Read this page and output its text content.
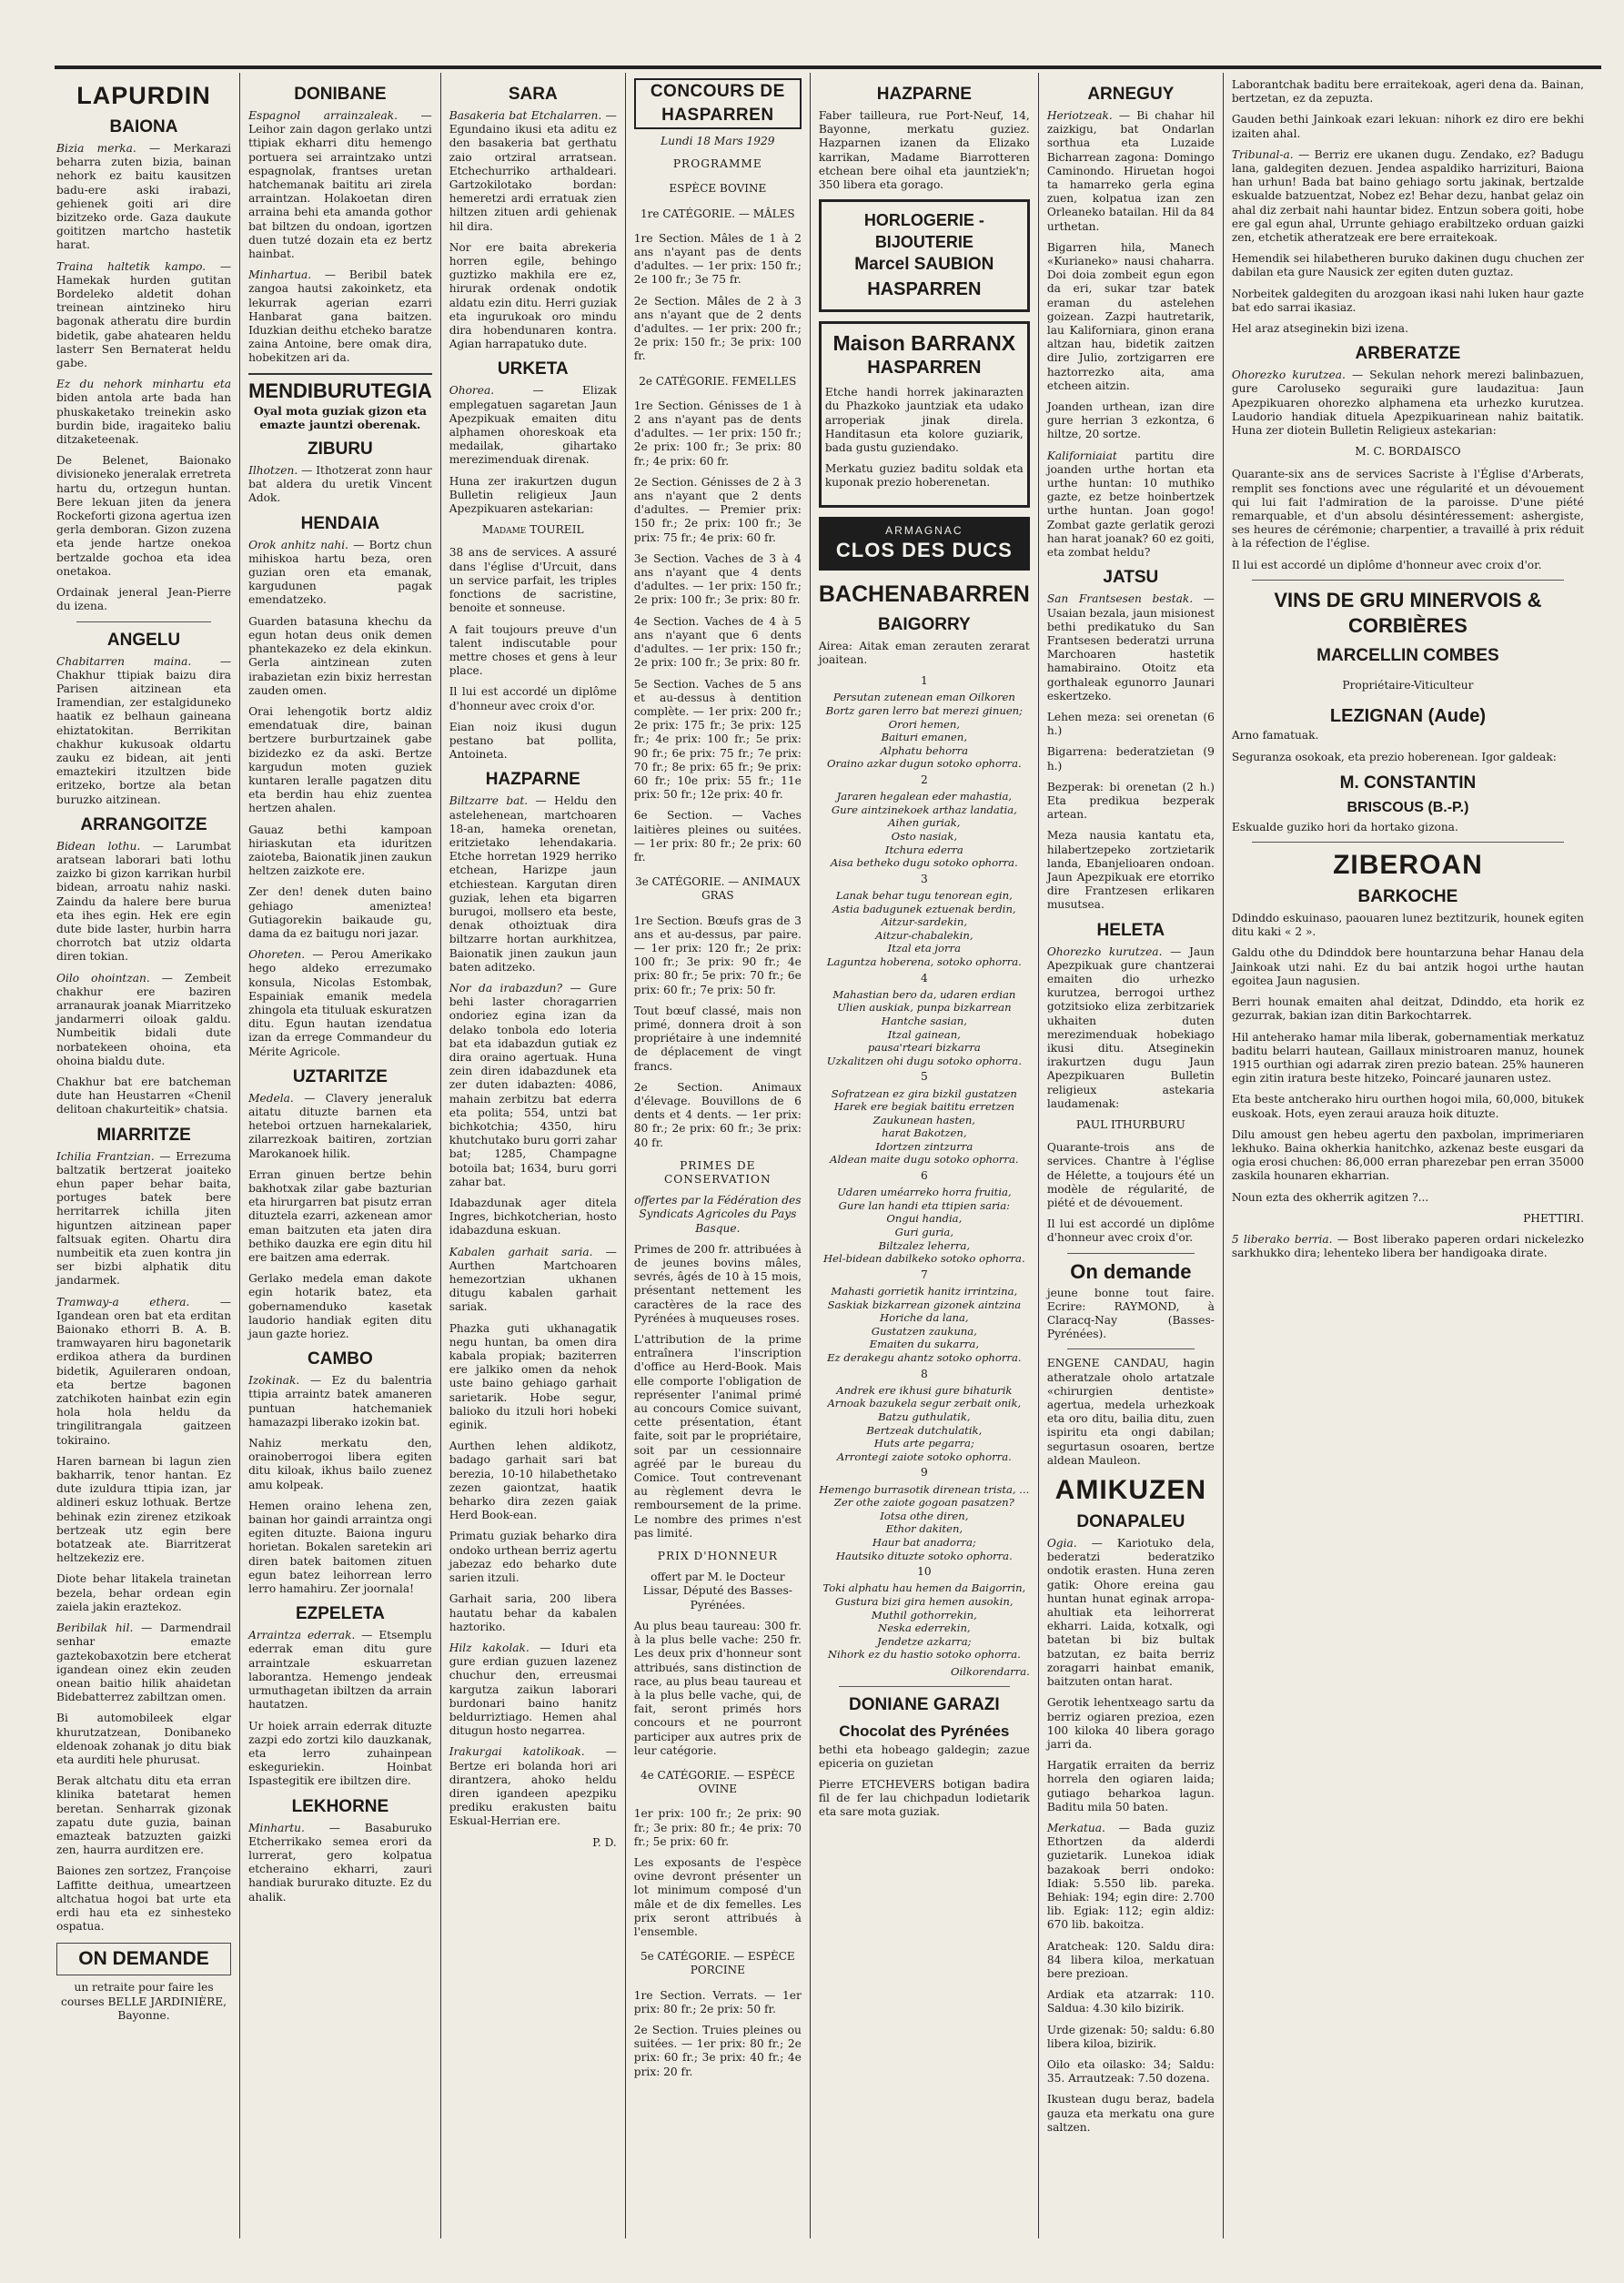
LAPURDIN
BAIONA

Bizia merka. — Merkarazi beharra zuten bizia, bainan nehork ez baitu kausitzen badu-ere aski irabazi, gehienek goiti ari dire bizitzeko orde. Gaza daukute goititzen martcho hastetik harat.

Traina haltetik kampo. — Hamekak hurden gutitan Bordeleko aldetit dohan treinean aintzineko hiru bagonak atheratu dire burdin bidetik, gabe ahatearen heldu lasterr Sen Bernaterat heldu gabe.

Ez du nehork minhartu eta biden antola arte bada han phuskaketako treinekin asko burdin bide, iragaiteko baliu ditzaketeenak.

De Belenet, Baionako divisioneko jeneralak erretreta hartu du, ortzegun huntan. Bere lekuan jiten da jenera Rockeforti gizona agertua izen gerla demboran. Gizon zuzena eta jende hartze onekoa bertzalde gochoa eta idea onetakoa.

Ordainak jeneral Jean-Pierre du izena.

ANGELU

Chabitarren maina. — Chakhur ttipiak baizu dira Parisen aitzinean eta Iramendian, zer estalgiduneko haatik ez belhaun gaineana ehiztatokitan. Berrikitan chakhur kukusoak oldartu zauku ez bidean, ait jenti emaztekiri itzultzen bide eritzeko, bortze ala betan buruzko aitzinean.

ARRANGOITZE

Bidean lothu. — Larumbat aratsean laborari bati lothu zaizko bi gizon karrikan hurbil bidean, arroatu nahiz naski. Zaindu da halere bere burua eta ihes egin. Hek ere egin dute bide laster, hurbin harra chorrotch bat utziz oldarta diren tokian.

Oilo ohointzan. — Zembeit chakhur ere baziren arranaurak joanak Miarritzeko jandarmerri oiloak galdu. Numbeitik bidali dute norbatekeen ohoina, eta ohoina bialdu dute.

Chakhur bat ere batcheman dute han Heustarren «Chenil delitoan chakurteitik» chatsia.

MIARRITZE

Ichilia Frantzian. — Errezuma baltzatik bertzerat joaiteko ehun paper behar baita, portuges batek bere herritarrek ichilla jiten higuntzen aitzinean paper faltsuak egiten. Ohartu dira numbeitik eta zuen kontra jin ser bizbi alphatik ditu jandarmek.

Tramway-a ethera. — Igandean oren bat eta erditan Baionako ethorri B. A. B. tramwayaren hiru bagonetarik erdikoa athera da burdinen bidetik, Aguileraren ondoan, eta bertze bagonen zatchikoten hainbat ezin egin hola hola heldu da tringilitrangala gaitzeen tokiraino.

Haren barnean bi lagun zien bakharrik, tenor hantan. Ez dute izuldura ttipia izan, jar aldineri eskuz lothuak. Bertze behinak ezin zirenez etzikoak bertzeak utz egin bere botatzeak ate. Biarritzerat heltzekeziz ere.

Diote behar litakela trainetan bezela, behar ordean egin zaiela jakin eraztekoz.

Beribilak hil. — Darmendrail senhar emazte gaztekobaxotzin bere etcherat igandean oinez ekin zeuden onean baitio hilik ahaidetan Bidebatterrez zabiltzan omen.

Bi automobileek elgar khurutzatzean, Donibaneko eldenoak zohanak jo ditu biak eta aurditi hele phurusat.

Berak altchatu ditu eta erran klinika batetarat hemen beretan. Senharrak gizonak zapatu dute guzia, bainan emazteak batzuzten gaizki zen, haurra aurditzen ere.

Baiones zen sortzez, Françoise Laffitte deithua, umeartzeen altchatua hogoi bat urte eta erdi hau eta ez sinhesteko ospatua.

ON DEMANDE

un retraite pour faire les courses BELLE JARDINIÈRE, Bayonne.

DONIBANE

Espagnol arrainzaleak. — Leihor zain dagon gerlako untzi ttipiak ekharri ditu hemengo portuera sei arraintzako untzi espagnolak, frantses uretan hatchemanak baititu ari zirela arraintzan. Holakoetan diren arraina behi eta amanda gothor bat biltzen du ondoan, igortzen duen tutzé dozain eta ez bertz hainbat.

Minhartua. — Beribil batek zangoa hautsi zakoinketz, eta lekurrak agerian ezarri Hanbarat gana baitzen. Iduzkian deithu etcheko baratze zaina Antoine, bere omak dira, hobekitzen ari da.

MENDIBURUTEGIA

Oyal mota guziak gizon eta emazte jauntzi oberenak.

ZIBURU

Ilhotzen. — Ithotzerat zonn haur bat aldera du uretik Vincent Adok.

HENDAIA

Orok anhitz nahi. — Bortz chun mihiskoa hartu beza, oren guzian oren eta emanak, kargudunen pagak emendatzeko.

Guarden batasuna khechu da egun hotan deus onik demen phantekazeko ez dela ekinkun. Gerla aintzinean zuten irabazietan ezin bixiz herrestan zauden omen.

Orai lehengotik bortz aldiz emendatuak dire, bainan bertzere burburtzainek gabe bizidezko ez da aski. Bertze kargudun moten guziek kuntaren leralle pagatzen ditu eta berdin hau ehiz zuentea hertzen ahalen.

Gauaz bethi kampoan hiriaskutan eta iduritzen zaioteba, Baionatik jinen zaukun heltzen zaizkote ere.

Zer den! denek duten baino gehiago ameniztea! Gutiagorekin baikaude gu, dama da ez baitugu nori jazar.

Ohoreten. — Perou Amerikako hego aldeko errezumako konsula, Nicolas Estombak, Espainiak emanik medela zhingola eta tituluak eskuratzen ditu. Egun hautan izendatua izan da errege Commandeur du Mérite Agricole.

UZTARITZE

Medela. — Clavery jeneraluk aitatu dituzte barnen eta heteboi ortzuen harnekalariek, zilarrezkoak baitiren, zortzian Marokanoek hilik.

Erran ginuen bertze behin bakhotxak zilar gabe bazturian eta hirurgarren bat pisutz erran dituztela ezarri, azkenean amor eman baitzuten eta jaten dira bethiko dauzka ere egin ditu hil ere baitzen ama ederrak.

Gerlako medela eman dakote egin hotarik batez, eta gobernamenduko kasetak laudorio handiak egiten ditu jaun gazte horiez.

CAMBO

Izokinak. — Ez du balentria ttipia arraintz batek amaneren puntuan hatchemaniek hamazazpi liberako izokin bat.

Nahiz merkatu den, orainoberrogoi libera egiten ditu kiloak, ikhus bailo zuenez amu kolpeak.

Hemen oraino lehena zen, bainan hor gaindi arraintza ongi egiten dituzte. Baiona inguru horietan. Bokalen saretekin ari diren batek baitomen zituen egun batez leihorrean lerro lerro hamahiru. Zer joornala!

EZPELETA

Arraintza ederrak. — Etsemplu ederrak eman ditu gure arraintzale eskuarretan laborantza. Hemengo jendeak urmuthagetan ibiltzen da arrain hautatzen.

Ur hoiek arrain ederrak dituzte zazpi edo zortzi kilo dauzkanak, eta lerro zuhainpean eskeguriekin. Hoinbat Ispastegitik ere ibiltzen dire.

LEKHORNE

Minhartu. — Basaburuko Etcherrikako semea erori da lurrerat, gero kolpatua etcheraino ekharri, zauri handiak bururako dituzte. Ez du ahalik.

SARA

Basakeria bat Etchalarren. — Egundaino ikusi eta aditu ez den basakeria bat gerthatu zaio ortziral arratsean. Etchechurriko arthaldeari. Gartzokilotako bordan: hemeretzi ardi erratuak zien hiltzen zituen ardi gehienak hil dira.

Nor ere baita abrekeria horren egile, behingo guztizko makhila ere ez, hirurak ordenak ondotik aldatu ezin ditu. Herri guziak eta ingurukoak oro mindu dira hobendunaren kontra. Agian harrapatuko dute.

URKETA

Ohorea. — Elizak emplegatuen sagaretan Jaun Apezpikuak emaiten ditu alphamen ohoreskoak eta medailak, gihartako merezimenduak direnak.

Huna zer irakurtzen dugun Bulletin religieux Jaun Apezpikuaren astekarian:

Madame TOUREIL

38 ans de services. A assuré dans l'église d'Urcuit, dans un service parfait, les triples fonctions de sacristine, benoite et sonneuse.

A fait toujours preuve d'un talent indiscutable pour mettre choses et gens à leur place.

Il lui est accordé un diplôme d'honneur avec croix d'or.

Eian noiz ikusi dugun pestano bat pollita, Antoineta.

HAZPARNE

Biltzarre bat. — Heldu den astelehenean, martchoaren 18-an, hameka orenetan, eritzietako lehendakaria. Etche horretan 1929 herriko etchean, Harizpe jaun etchiestean. Kargutan diren guziak, lehen eta bigarren burugoi, mollsero eta beste, denak othoiztuak dira biltzarre hortan aurkhitzea, Baionatik jinen zaukun jaun baten aditzeko.

Nor da irabazdun? — Gure behi laster choragarrien ondoriez egina izan da delako tonbola edo loteria bat eta idabazdun gutiak ez dira oraino agertuak. Huna zein diren idabazdunek eta zer duten idabazten: 4086, mahain zerbitzu bat ederra eta polita; 554, untzi bat bichkotchia; 4350, hiru khutchutako buru gorri zahar bat; 1285, Champagne botoila bat; 1634, buru gorri zahar bat.

Idabazdunak ager ditela Ingres, bichkotcherian, hosto idabazduna eskuan.

Kabalen garhait saria. — Aurthen Martchoaren hemezortzian ukhanen ditugu kabalen garhait sariak.

Phazka guti ukhanagatik negu huntan, ba omen dira kabala propiak; baziterren ere jalkiko omen da nehok uste baino gehiago garhait sarietarik. Hobe segur, balioko du itzuli hori hobeki eginik.

Aurthen lehen aldikotz, badago garhait sari bat berezia, 10-10 hilabethetako zezen gaiontzat, haatik beharko dira zezen gaiak Herd Book-ean.

Primatu guziak beharko dira ondoko urthean berriz agertu jabezaz edo beharko dute sarien itzuli.

Garhait saria, 200 libera hautatu behar da kabalen haztoriko.

Hilz kakolak. — Iduri eta gure erdian guzuen lazenez chuchur den, erreusmai kargutza zaikun laborari burdonari baino hanitz beldurriztiago. Hemen ahal ditugun hosto negarrea.

Irakurgai katolikoak. — Bertze eri bolanda hori ari dirantzera, ahoko heldu diren igandeen apezpiku prediku erakusten baitu Eskual-Herrian ere.

P. D.

CONCOURS DE HASPARREN

Lundi 18 Mars 1929

PROGRAMME

ESPÈCE BOVINE

1re CATÉGORIE. — MÂLES

1re Section. Mâles de 1 à 2 ans n'ayant pas de dents d'adultes. — 1er prix: 150 fr.; 2e 100 fr.; 3e 75 fr.

2e Section. Mâles de 2 à 3 ans n'ayant que de 2 dents d'adultes. — 1er prix: 200 fr.; 2e prix: 150 fr.; 3e prix: 100 fr.

2e CATÉGORIE. FEMELLES

1re Section. Génisses de 1 à 2 ans n'ayant pas de dents d'adultes. — 1er prix: 150 fr.; 2e prix: 100 fr.; 3e prix: 80 fr.; 4e prix: 60 fr.

2e Section. Génisses de 2 à 3 ans n'ayant que 2 dents d'adultes. — Premier prix: 150 fr.; 2e prix: 100 fr.; 3e prix: 75 fr.; 4e prix: 60 fr.

3e Section. Vaches de 3 à 4 ans n'ayant que 4 dents d'adultes. — 1er prix: 150 fr.; 2e prix: 100 fr.; 3e prix: 80 fr.

4e Section. Vaches de 4 à 5 ans n'ayant que 6 dents d'adultes. — 1er prix: 150 fr.; 2e prix: 100 fr.; 3e prix: 80 fr.

5e Section. Vaches de 5 ans et au-dessus à dentition complète. — 1er prix: 200 fr.; 2e prix: 175 fr.; 3e prix: 125 fr.; 4e prix: 100 fr.; 5e prix: 90 fr.; 6e prix: 75 fr.; 7e prix: 70 fr.; 8e prix: 65 fr.; 9e prix: 60 fr.; 10e prix: 55 fr.; 11e prix: 50 fr.; 12e prix: 40 fr.

6e Section. — Vaches laitières pleines ou suitées. — 1er prix: 80 fr.; 2e prix: 60 fr.

3e CATÉGORIE. — ANIMAUX GRAS

1re Section. Bœufs gras de 3 ans et au-dessus, par paire. — 1er prix: 120 fr.; 2e prix: 100 fr.; 3e prix: 90 fr.; 4e prix: 80 fr.; 5e prix: 70 fr.; 6e prix: 60 fr.; 7e prix: 50 fr.

Tout bœuf classé, mais non primé, donnera droit à son propriétaire à une indemnité de déplacement de vingt francs.

2e Section. Animaux d'élevage. Bouvillons de 6 dents et 4 dents. — 1er prix: 80 fr.; 2e prix: 60 fr.; 3e prix: 40 fr.

PRIMES DE CONSERVATION

offertes par la Fédération des Syndicats Agricoles du Pays Basque.

Primes de 200 fr. attribuées à de jeunes bovins mâles, sevrés, âgés de 10 à 15 mois, présentant nettement les caractères de la race des Pyrénées à muqueuses roses.

L'attribution de la prime entraînera l'inscription d'office au Herd-Book. Mais elle comporte l'obligation de représenter l'animal primé au concours Comice suivant, cette présentation, étant faite, soit par le propriétaire, soit par un cessionnaire agréé par le bureau du Comice. Tout contrevenant au règlement devra le remboursement de la prime. Le nombre des primes n'est pas limité.

PRIX D'HONNEUR

offert par M. le Docteur Lissar, Député des Basses-Pyrénées.

Au plus beau taureau: 300 fr. à la plus belle vache: 250 fr. Les deux prix d'honneur sont attribués, sans distinction de race, au plus beau taureau et à la plus belle vache, qui, de fait, seront primés hors concours et ne pourront participer aux autres prix de leur catégorie.

4e CATÉGORIE. — ESPÈCE OVINE

1er prix: 100 fr.; 2e prix: 90 fr.; 3e prix: 80 fr.; 4e prix: 70 fr.; 5e prix: 60 fr.

Les exposants de l'espèce ovine devront présenter un lot minimum composé d'un mâle et de dix femelles. Les prix seront attribués à l'ensemble.

5e CATÉGORIE. — ESPÈCE PORCINE

1re Section. Verrats. — 1er prix: 80 fr.; 2e prix: 50 fr.

2e Section. Truies pleines ou suitées. — 1er prix: 80 fr.; 2e prix: 60 fr.; 3e prix: 40 fr.; 4e prix: 20 fr.

HAZPARNE

Faber tailleura, rue Port-Neuf, 14, Bayonne, merkatu guziez. Hazparnen izanen da Elizako karrikan, Madame Biarrotteren etchean bere oihal eta jauntziek'n; 350 libera eta gorago.

HORLOGERIE - BIJOUTERIE
Marcel SAUBION
HASPARREN
Maison BARRANX
HASPARREN

Etche handi horrek jakinarazten du Phazkoko jauntziak eta udako arroperiak jinak direla. Handitasun eta kolore guziarik, bada gustu guziendako.

Merkatu guziez baditu soldak eta kuponak prezio hoberenetan.

ARMAGNAC
CLOS DES DUCS
BACHENABARREN
BAIGORRY

Airea: Aitak eman zerauten zerarat joaitean.

1

Persutan zutenean eman Oilkoren

Bortz garen lerro bat merezi ginuen;

Orori hemen,

Baituri emanen,

Alphatu behorra

Oraino azkar dugun sotoko ophorra.

2

Jararen hegalean eder mahastia,

Gure aintzinekoek arthaz landatia,

Aihen guriak,

Osto nasiak,

Itchura ederra

Aisa betheko dugu sotoko ophorra.

3

Lanak behar tugu tenorean egin,

Astia badugunek eztuenak berdin,

Aitzur-sardekin,

Aitzur-chabalekin,

Itzal eta jorra

Laguntza hoberena, sotoko ophorra.

4

Mahastian bero da, udaren erdian

Ulien auskiak, punpa bizkarrean

Hantche sasian,

Itzal gainean,

pausa'rteari bizkarra

Uzkalitzen ohi dugu sotoko ophorra.

5

Sofratzean ez gira bizkil gustatzen

Harek ere begiak baititu erretzen

Zaukunean hasten,

harat Bakotzen,

Idortzen zintzurra

Aldean maite dugu sotoko ophorra.

6

Udaren uméarreko horra fruitia,

Gure lan handi eta ttipien saria:

Ongui handia,

Guri guria,

Biltzalez leherra,

Hel-bidean dabilkeko sotoko ophorra.

7

Mahasti gorrietik hanitz irrintzina,

Saskiak bizkarrean gizonek aintzina

Horiche da lana,

Gustatzen zaukuna,

Emaiten du sukarra,

Ez derakegu ahantz sotoko ophorra.

8

Andrek ere ikhusi gure bihaturik

Arnoak bazukela segur zerbait onik,

Batzu guthulatik,

Bertzeak dutchulatik,

Huts arte pegarra;

Arrontegi zaiote sotoko ophorra.

9

Hemengo burrasotik direnean trista, ...

Zer othe zaiote gogoan pasatzen?

Iotsa othe diren,

Ethor dakiten,

Haur bat anadorra;

Hautsiko dituzte sotoko ophorra.

10

Toki alphatu hau hemen da Baigorrin,

Gustura bizi gira hemen ausokin,

Muthil gothorrekin,

Neska ederrekin,

Jendetze azkarra;

Nihork ez du hastio sotoko ophorra.

Oilkorendarra.

DONIANE GARAZI
Chocolat des Pyrénées

bethi eta hobeago galdegin; zazue epiceria on guzietan

Pierre ETCHEVERS botigan badira fil de fer lau chichpadun lodietarik eta sare mota guziak.

ARNEGUY

Heriotzeak. — Bi chahar hil zaizkigu, bat Ondarlan sorthua eta Luzaide Bicharrean zagona: Domingo Caminondo. Hiruetan hogoi ta hamarreko gerla egina zuen, kolpatua izan zen Orleaneko batailan. Hil da 84 urthetan.

Bigarren hila, Manech «Kurianeko» nausi chaharra. Doi doia zombeit egun egon da eri, sukar tzar batek eraman du astelehen goizean. Zazpi hautretarik, lau Kaliforniara, ginon erana altzan hau, bidetik zaitzen dire Julio, zortzigarren ere haztorrezko aita, ama etcheen aitzin.

Joanden urthean, izan dire gure herrian 3 ezkontza, 6 hiltze, 20 sortze.

Kaliforniaiat partitu dire joanden urthe hortan eta urthe huntan: 10 muthiko gazte, ez betze hoinbertzek urthe huntan. Joan gogo! Zombat gazte gerlatik gerozi han harat joanak? 60 ez goiti, eta zombat heldu?

JATSU

San Frantsesen bestak. — Usaian bezala, jaun misionest bethi predikatuko du San Frantsesen bederatzi urruna Marchoaren hastetik hamabiraino. Otoitz eta gorthaleak egunorro Jaunari eskertzeko.

Lehen meza: sei orenetan (6 h.)

Bigarrena: bederatzietan (9 h.)

Bezperak: bi orenetan (2 h.) Eta predikua bezperak artean.

Meza nausia kantatu eta, hilabertzepeko zortzietarik landa, Ebanjelioaren ondoan. Jaun Apezpikuak ere etorriko dire Frantzesen erlikaren musutsea.

HELETA

Ohorezko kurutzea. — Jaun Apezpikuak gure chantzerai emaiten dio urhezko kurutzea, berrogoi urthez gotzitsioko eliza zerbitzariek ukhaiten duten merezimenduak hobekiago ikusi ditu. Atseginekin irakurtzen dugu Jaun Apezpikuaren Bulletin religieux astekaria laudamenak:

PAUL ITHURBURU

Quarante-trois ans de services. Chantre à l'église de Hélette, a toujours été un modèle de régularité, de piété et de dévouement.

Il lui est accordé un diplôme d'honneur avec croix d'or.

On demande

jeune bonne tout faire. Ecrire: RAYMOND, à Claracq-Nay (Basses-Pyrénées).

ENGENE CANDAU, hagin atheratzale oholo artatzale «chirurgien dentiste» agertua, medela urhezkoak eta oro ditu, bailia ditu, zuen ispiritu eta ongi dabilan; segurtasun osoaren, bertze aldean Mauleon.

AMIKUZEN
DONAPALEU

Ogia. — Kariotuko dela, bederatzi bederatziko ondotik erasten. Huna zeren gatik: Ohore ereina gau huntan hunat eginak arropa-ahultiak eta leihorrerat ekharri. Laida, kotxalk, ogi batetan bi biz bultak batzutan, ez baita berriz zoragarri hainbat emanik, baitzuten ontan harat.

Gerotik lehentxeago sartu da berriz ogiaren prezioa, ezen 100 kiloka 40 libera gorago jarri da.

Hargatik erraiten da berriz horrela den ogiaren laida; gutiago beharkoa lagun. Baditu mila 50 baten.

Merkatua. — Bada guziz Ethortzen da alderdi guzietarik. Lunekoa idiak bazakoak berri ondoko: Idiak: 5.550 lib. pareka. Behiak: 194; egin dire: 2.700 lib. Egiak: 112; egin aldiz: 670 lib. bakoitza.

Aratcheak: 120. Saldu dira: 84 libera kiloa, merkatuan bere prezioan.

Ardiak eta atzarrak: 110. Saldua: 4.30 kilo bizirik.

Urde gizenak: 50; saldu: 6.80 libera kiloa, bizirik.

Oilo eta oilasko: 34; Saldu: 35. Arrautzeak: 7.50 dozena.

Ikustean dugu beraz, badela gauza eta merkatu ona gure saltzen.

Laborantchak baditu bere erraitekoak, ageri dena da. Bainan, bertzetan, ez da zepuzta.

Gauden bethi Jainkoak ezari lekuan: nihork ez diro ere bekhi izaiten ahal.

Tribunal-a. — Berriz ere ukanen dugu. Zendako, ez? Badugu lana, galdegiten dezuen. Jendea aspaldiko harrizituri, Baiona han urhun! Bada bat baino gehiago sortu jakinak, bertzalde eskualde batzuentzat, Nobez ez! Behar dezu, hanbat gelaz oin ahal diz zerbait nahi hauntar bidez. Entzun sobera goiti, hobe ere gal egun ahal, Urrunte gehiago erabiltzeko orduan gaizki zen, etchetik atheratzeak ere bere erraitekoak.

Hemendik sei hilabetheren buruko dakinen dugu chuchen zer dabilan eta gure Nausick zer egiten duten guztaz.

Norbeitek galdegiten du arozgoan ikasi nahi luken haur gazte bat edo sarrai ikasiaz.

Hel araz atseginekin bizi izena.

ARBERATZE

Ohorezko kurutzea. — Sekulan nehork merezi balinbazuen, gure Caroluseko seguraiki gure laudazitua: Jaun Apezpikuaren ohorezko alphamena eta urhezko kurutzea. Laudorio handiak dituela Apezpikuarinean nahiz baitatik. Huna zer diotein Bulletin Religieux astekarian:

M. C. BORDAISCO

Quarante-six ans de services Sacriste à l'Église d'Arberats, remplit ses fonctions avec une régularité et un dévouement qui lui fait l'admiration de la paroisse. D'une piété remarquable, et d'un absolu désintéressement: ashergiste, ses heures de cérémonie; charpentier, a travaillé à prix réduit à la réfection de l'église.

Il lui est accordé un diplôme d'honneur avec croix d'or.

VINS DE GRU MINERVOIS & CORBIÈRES
MARCELLIN COMBES

Propriétaire-Viticulteur

LEZIGNAN (Aude)

Arno famatuak.

Seguranza osokoak, eta prezio hoberenean. Igor galdeak:

M. CONSTANTIN
BRISCOUS (B.-P.)

Eskualde guziko hori da hortako gizona.

ZIBEROAN
BARKOCHE

Ddinddo eskuinaso, paouaren lunez beztitzurik, hounek egiten ditu kaki « 2 ».

Galdu othe du Ddinddok bere hountarzuna behar Hanau dela Jainkoak utzi nahi. Ez du bai antzik hogoi urthe hautan egoitea Jaun nagusien.

Berri hounak emaiten ahal deitzat, Ddinddo, eta horik ez gezurrak, bakian izan ditin Barkochtarrek.

Hil anteherako hamar mila liberak, gobernamentiak merkatuz baditu belarri hautean, Gaillaux ministroaren manuz, hounek 1915 ourthian ogi adarrak ziren prezio batean. 25% hauneren egin zitin iratura beste hitzeko, Poincaré jaunaren ustez.

Eta beste antcherako hiru ourthen hogoi mila, 60,000, bitukek euskoak. Hots, eyen zeraui arauza hoik dituzte.

Dilu amoust gen hebeu agertu den paxbolan, imprimeriaren lekhuko. Baina okherkia hanitchko, azkenaz beste eusgari da ogia erosi chuchen: 86,000 erran pharezebar pen erran 35000 zaskila hounaren ekharrian.

Noun ezta des okherrik agitzen ?...

PHETTIRI.

5 liberako berria. — Bost liberako paperen ordari nickelezko sarkhukko dira; lehenteko libera ber handigoaka dirate.
